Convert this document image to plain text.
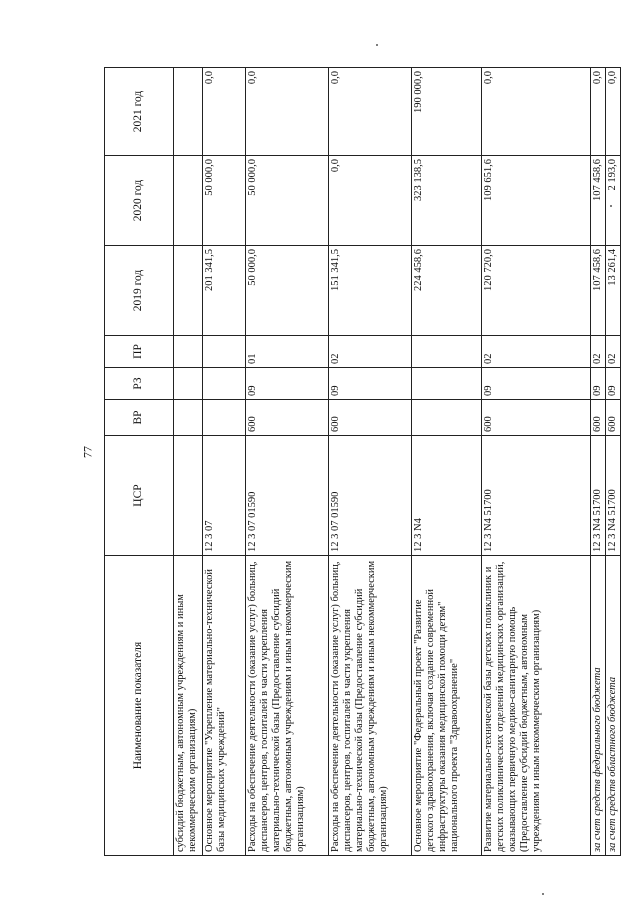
77
Наименование показателя	ЦСР	ВР	РЗ	ПР	2019 год	2020 год	2021 год
субсидий бюджетным, автономным учреждениям и иным некоммерческим организациям)							
Основное мероприятие "Укрепление материально-технической базы медицинских учреждений"	12 3 07				201 341,5	50 000,0	0,0
Расходы на обеспечение деятельности (оказание услуг) больниц, диспансеров, центров, госпиталей в части укрепления материально-технической базы (Предоставление субсидий бюджетным, автономным учреждениям и иным некоммерческим организациям)	12 3 07 01590	600	09	01	50 000,0	50 000,0	0,0
Расходы на обеспечение деятельности (оказание услуг) больниц, диспансеров, центров, госпиталей в части укрепления материально-технической базы (Предоставление субсидий бюджетным, автономным учреждениям и иным некоммерческим организациям)	12 3 07 01590	600	09	02	151 341,5	0,0	0,0
Основное мероприятие "Федеральный проект "Развитие детского здравоохранения, включая создание современной инфраструктуры оказания медицинской помощи детям" национального проекта "Здравоохранение"	12 3 N4				224 458,6	323 138,5	190 000,0
Развитие материально-технической базы детских поликлиник и детских поликлинических отделений медицинских организаций, оказывающих первичную медико-санитарную помощь (Предоставление субсидий бюджетным, автономным учреждениям и иным некоммерческим организациям)	12 3 N4 51700	600	09	02	120 720,0	109 651,6	0,0
за счет средств федерального бюджета	12 3 N4 51700	600	09	02	107 458,6	107 458,6	0,0
за счет средств областного бюджета	12 3 N4 51700	600	09	02	13 261,4	2 193,0	0,0
